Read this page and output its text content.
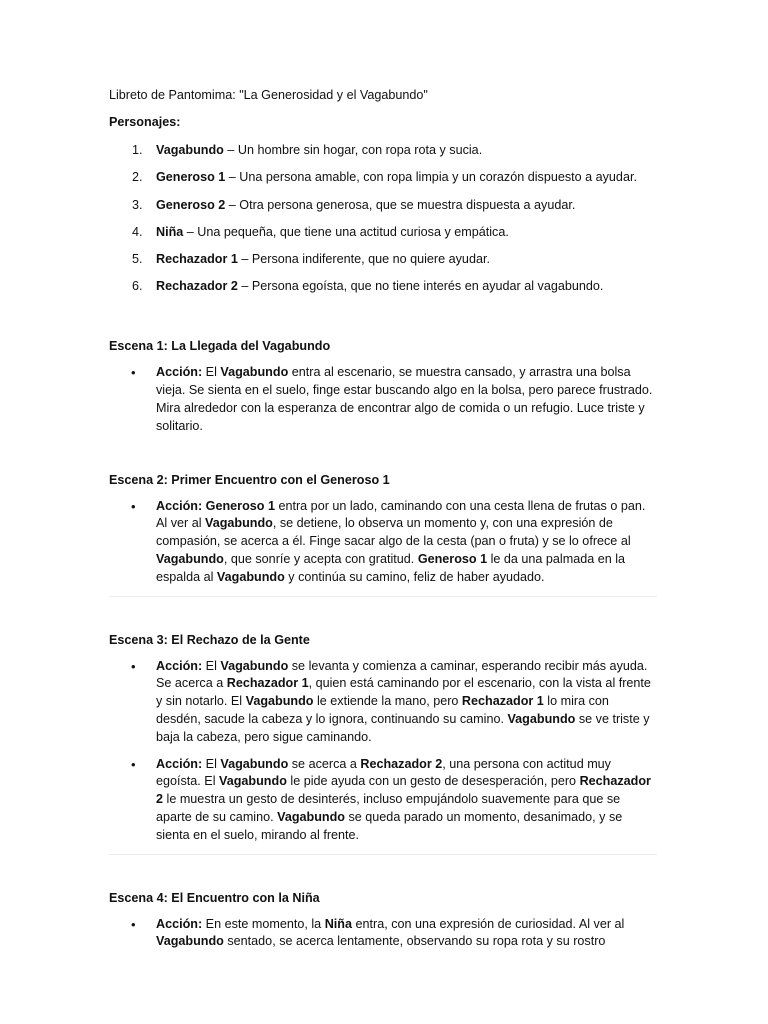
Libreto de Pantomima: "La Generosidad y el Vagabundo"

Personajes:

1. Vagabundo – Un hombre sin hogar, con ropa rota y sucia.
2. Generoso 1 – Una persona amable, con ropa limpia y un corazón dispuesto a ayudar.
3. Generoso 2 – Otra persona generosa, que se muestra dispuesta a ayudar.
4. Niña – Una pequeña, que tiene una actitud curiosa y empática.
5. Rechazador 1 – Persona indiferente, que no quiere ayudar.
6. Rechazador 2 – Persona egoísta, que no tiene interés en ayudar al vagabundo.

Escena 1: La Llegada del Vagabundo

• Acción: El Vagabundo entra al escenario, se muestra cansado, y arrastra una bolsa vieja. Se sienta en el suelo, finge estar buscando algo en la bolsa, pero parece frustrado. Mira alrededor con la esperanza de encontrar algo de comida o un refugio. Luce triste y solitario.

Escena 2: Primer Encuentro con el Generoso 1

• Acción: Generoso 1 entra por un lado, caminando con una cesta llena de frutas o pan. Al ver al Vagabundo, se detiene, lo observa un momento y, con una expresión de compasión, se acerca a él. Finge sacar algo de la cesta (pan o fruta) y se lo ofrece al Vagabundo, que sonríe y acepta con gratitud. Generoso 1 le da una palmada en la espalda al Vagabundo y continúa su camino, feliz de haber ayudado.

Escena 3: El Rechazo de la Gente

• Acción: El Vagabundo se levanta y comienza a caminar, esperando recibir más ayuda. Se acerca a Rechazador 1, quien está caminando por el escenario, con la vista al frente y sin notarlo. El Vagabundo le extiende la mano, pero Rechazador 1 lo mira con desdén, sacude la cabeza y lo ignora, continuando su camino. Vagabundo se ve triste y baja la cabeza, pero sigue caminando.
• Acción: El Vagabundo se acerca a Rechazador 2, una persona con actitud muy egoísta. El Vagabundo le pide ayuda con un gesto de desesperación, pero Rechazador 2 le muestra un gesto de desinterés, incluso empujándolo suavemente para que se aparte de su camino. Vagabundo se queda parado un momento, desanimado, y se sienta en el suelo, mirando al frente.

Escena 4: El Encuentro con la Niña

• Acción: En este momento, la Niña entra, con una expresión de curiosidad. Al ver al Vagabundo sentado, se acerca lentamente, observando su ropa rota y su rostro
